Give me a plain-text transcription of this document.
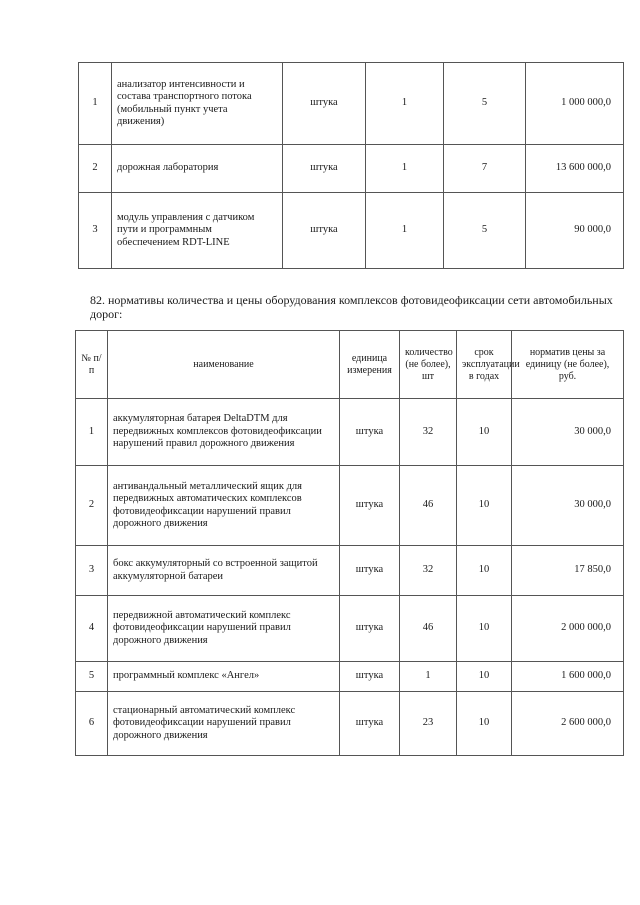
1	анализатор интенсивности и состава транспортного потока (мобильный пункт учета движения)	штука	1	5	1 000 000,0
2	дорожная лаборатория	штука	1	7	13 600 000,0
3	модуль управления с датчиком пути и программным обеспечением RDT-LINE	штука	1	5	90 000,0

82. нормативы количества и цены оборудования комплексов фотовидеофиксации сети автомобильных дорог:

№ п/п	наименование	единица измерения	количество (не более), шт	срок эксплуатации в годах	норматив цены за единицу (не более), руб.
1	аккумуляторная батарея DeltaDTM для передвижных комплексов фотовидеофиксации нарушений правил дорожного движения	штука	32	10	30 000,0
2	антивандальный металлический ящик для передвижных автоматических комплексов фотовидеофиксации нарушений правил дорожного движения	штука	46	10	30 000,0
3	бокс аккумуляторный со встроенной защитой аккумуляторной батареи	штука	32	10	17 850,0
4	передвижной автоматический комплекс фотовидеофиксации нарушений правил дорожного движения	штука	46	10	2 000 000,0
5	программный комплекс «Ангел»	штука	1	10	1 600 000,0
6	стационарный автоматический комплекс фотовидеофиксации нарушений правил дорожного движения	штука	23	10	2 600 000,0
